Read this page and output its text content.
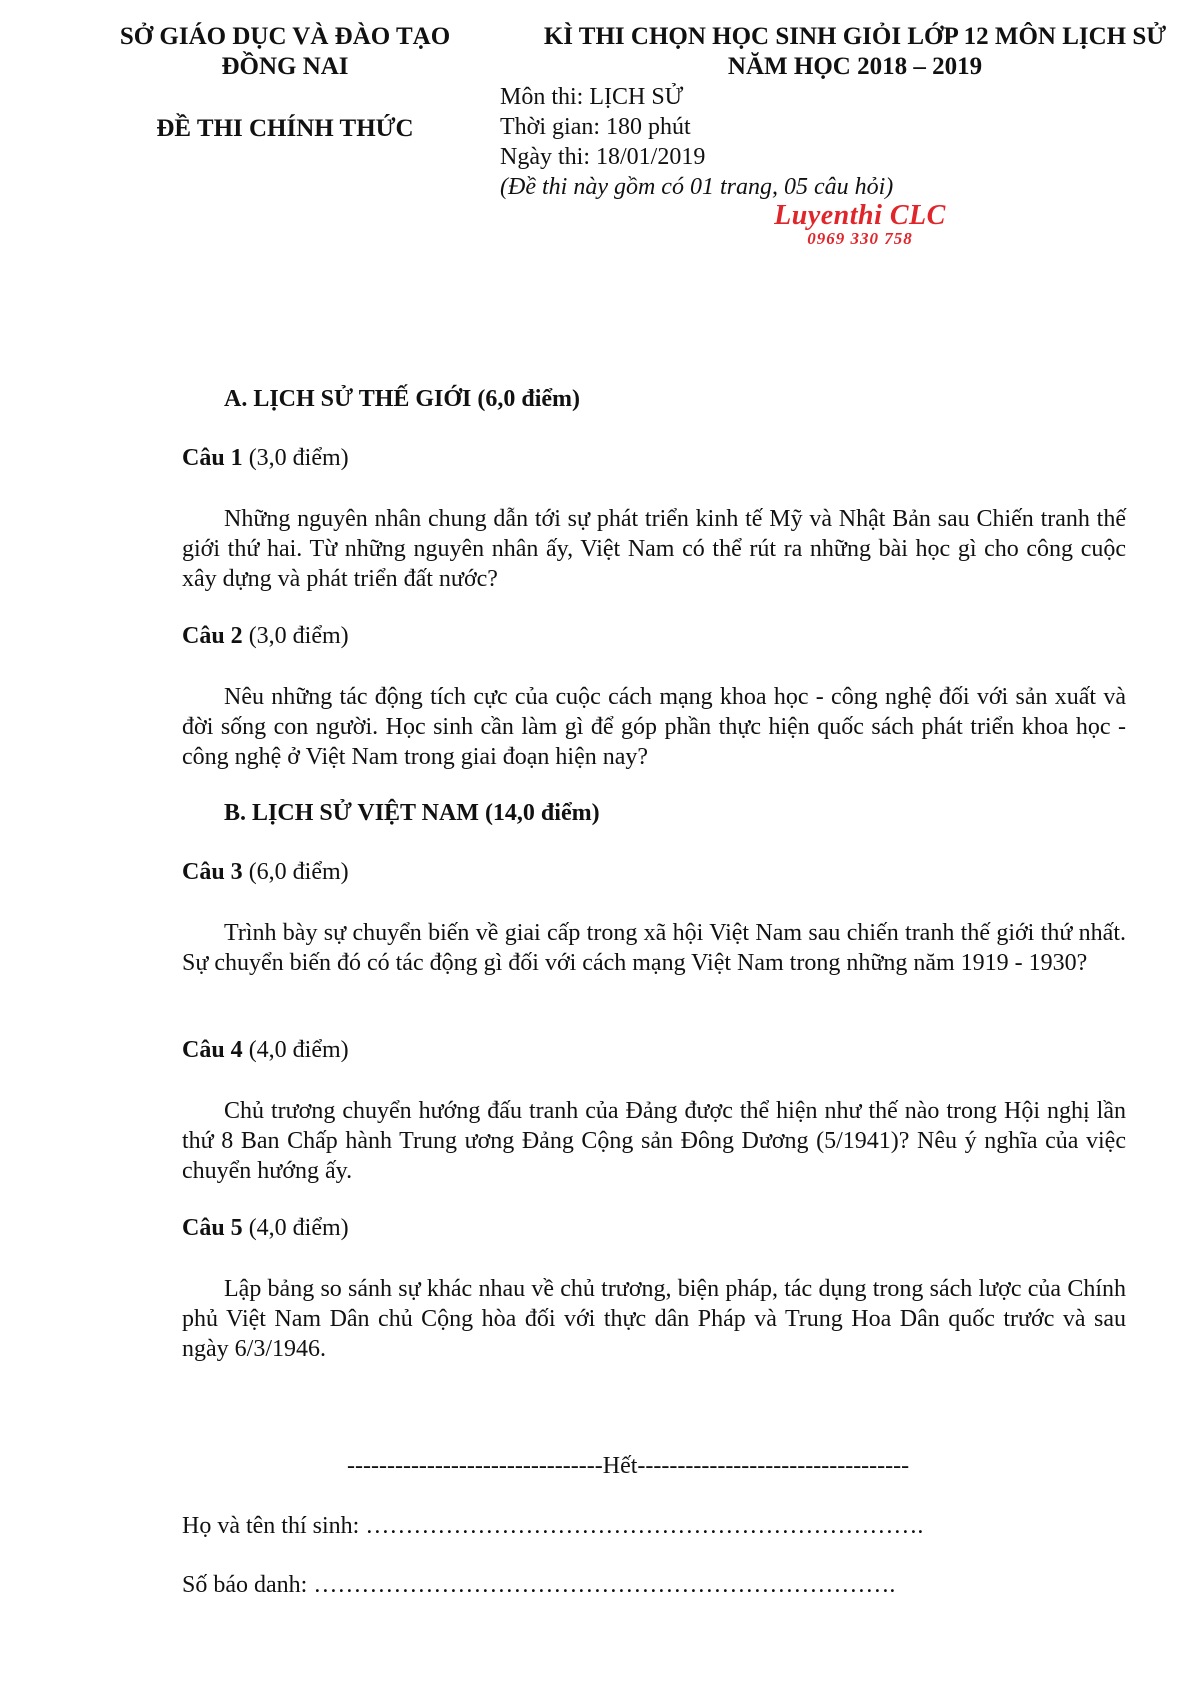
SỞ GIÁO DỤC VÀ ĐÀO TẠO
ĐỒNG NAI
ĐỀ THI CHÍNH THỨC
KÌ THI CHỌN HỌC SINH GIỎI LỚP 12 MÔN LỊCH SỬ
NĂM HỌC 2018 – 2019
Môn thi: LỊCH SỬ
Thời gian: 180 phút
Ngày thi: 18/01/2019
(Đề thi này gồm có 01 trang, 05 câu hỏi)
Luyenthi CLC
0969 330 758
A. LỊCH SỬ THẾ GIỚI (6,0 điểm)
Câu 1 (3,0 điểm)
Những nguyên nhân chung dẫn tới sự phát triển kinh tế Mỹ và Nhật Bản sau Chiến tranh thế giới thứ hai. Từ những nguyên nhân ấy, Việt Nam có thể rút ra những bài học gì cho công cuộc xây dựng và phát triển đất nước?
Câu 2 (3,0 điểm)
Nêu những tác động tích cực của cuộc cách mạng khoa học - công nghệ đối với sản xuất và đời sống con người. Học sinh cần làm gì để góp phần thực hiện quốc sách phát triển khoa học - công nghệ ở Việt Nam trong giai đoạn hiện nay?
B. LỊCH SỬ VIỆT NAM (14,0 điểm)
Câu 3 (6,0 điểm)
Trình bày sự chuyển biến về giai cấp trong xã hội Việt Nam sau chiến tranh thế giới thứ nhất. Sự chuyển biến đó có tác động gì đối với cách mạng Việt Nam trong những năm 1919 - 1930?
Câu 4 (4,0 điểm)
Chủ trương chuyển hướng đấu tranh của Đảng được thể hiện như thế nào trong Hội nghị lần thứ 8 Ban Chấp hành Trung ương Đảng Cộng sản Đông Dương (5/1941)? Nêu ý nghĩa của việc chuyển hướng ấy.
Câu 5 (4,0 điểm)
Lập bảng so sánh sự khác nhau về chủ trương, biện pháp, tác dụng trong sách lược của Chính phủ Việt Nam Dân chủ Cộng hòa đối với thực dân Pháp và Trung Hoa Dân quốc trước và sau ngày 6/3/1946.
--------------------------------Hết----------------------------------
Họ và tên thí sinh: …………………………………………………………….
Số báo danh: ……………………………………………………………….
